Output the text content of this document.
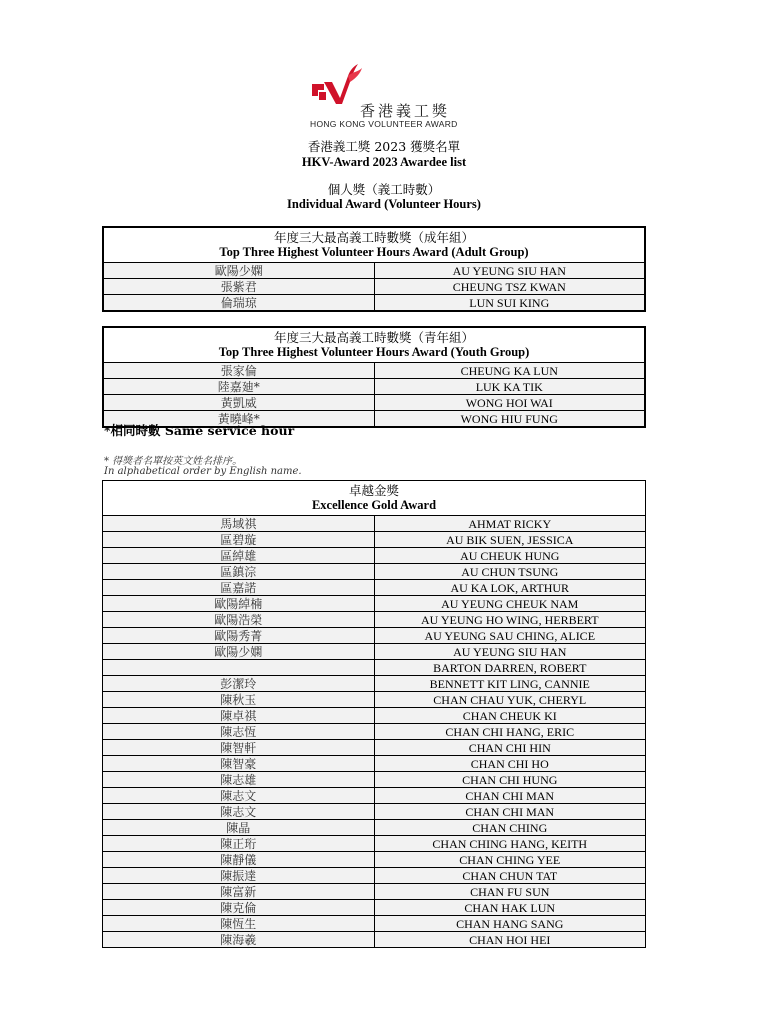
香港義工獎
HONG KONG VOLUNTEER AWARD
香港義工獎 2023 獲獎名單
HKV-Award 2023 Awardee list
個人獎（義工時數）
Individual Award (Volunteer Hours)
年度三大最高義工時數獎（成年組）
Top Three Highest Volunteer Hours Award (Adult Group)	

歐陽少嫻	AU YEUNG SIU HAN
張紫君	CHEUNG TSZ KWAN
倫瑞琼	LUN SUI KING
年度三大最高義工時數獎（青年組）
Top Three Highest Volunteer Hours Award (Youth Group)	

張家倫	CHEUNG KA LUN
陸嘉廸*	LUK KA TIK
黃凱威	WONG HOI WAI
黃曉峰*	WONG HIU FUNG
*相同時數 Same service hour
* 得獎者名單按英文姓名排序。
In alphabetical order by English name.
卓越金獎
Excellence Gold Award	

馬域祺	AHMAT RICKY
區碧璇	AU BIK SUEN, JESSICA
區綽雄	AU CHEUK HUNG
區鎮淙	AU CHUN TSUNG
區嘉諾	AU KA LOK, ARTHUR
歐陽綽楠	AU YEUNG CHEUK NAM
歐陽浩榮	AU YEUNG HO WING, HERBERT
歐陽秀菁	AU YEUNG SAU CHING, ALICE
歐陽少嫻	AU YEUNG SIU HAN
	BARTON DARREN, ROBERT
彭潔玲	BENNETT KIT LING, CANNIE
陳秋玉	CHAN CHAU YUK, CHERYL
陳卓祺	CHAN CHEUK KI
陳志恆	CHAN CHI HANG, ERIC
陳智軒	CHAN CHI HIN
陳智豪	CHAN CHI HO
陳志雄	CHAN CHI HUNG
陳志文	CHAN CHI MAN
陳志文	CHAN CHI MAN
陳晶	CHAN CHING
陳正珩	CHAN CHING HANG, KEITH
陳靜儀	CHAN CHING YEE
陳振達	CHAN CHUN TAT
陳富新	CHAN FU SUN
陳克倫	CHAN HAK LUN
陳恆生	CHAN HANG SANG
陳海羲	CHAN HOI HEI
